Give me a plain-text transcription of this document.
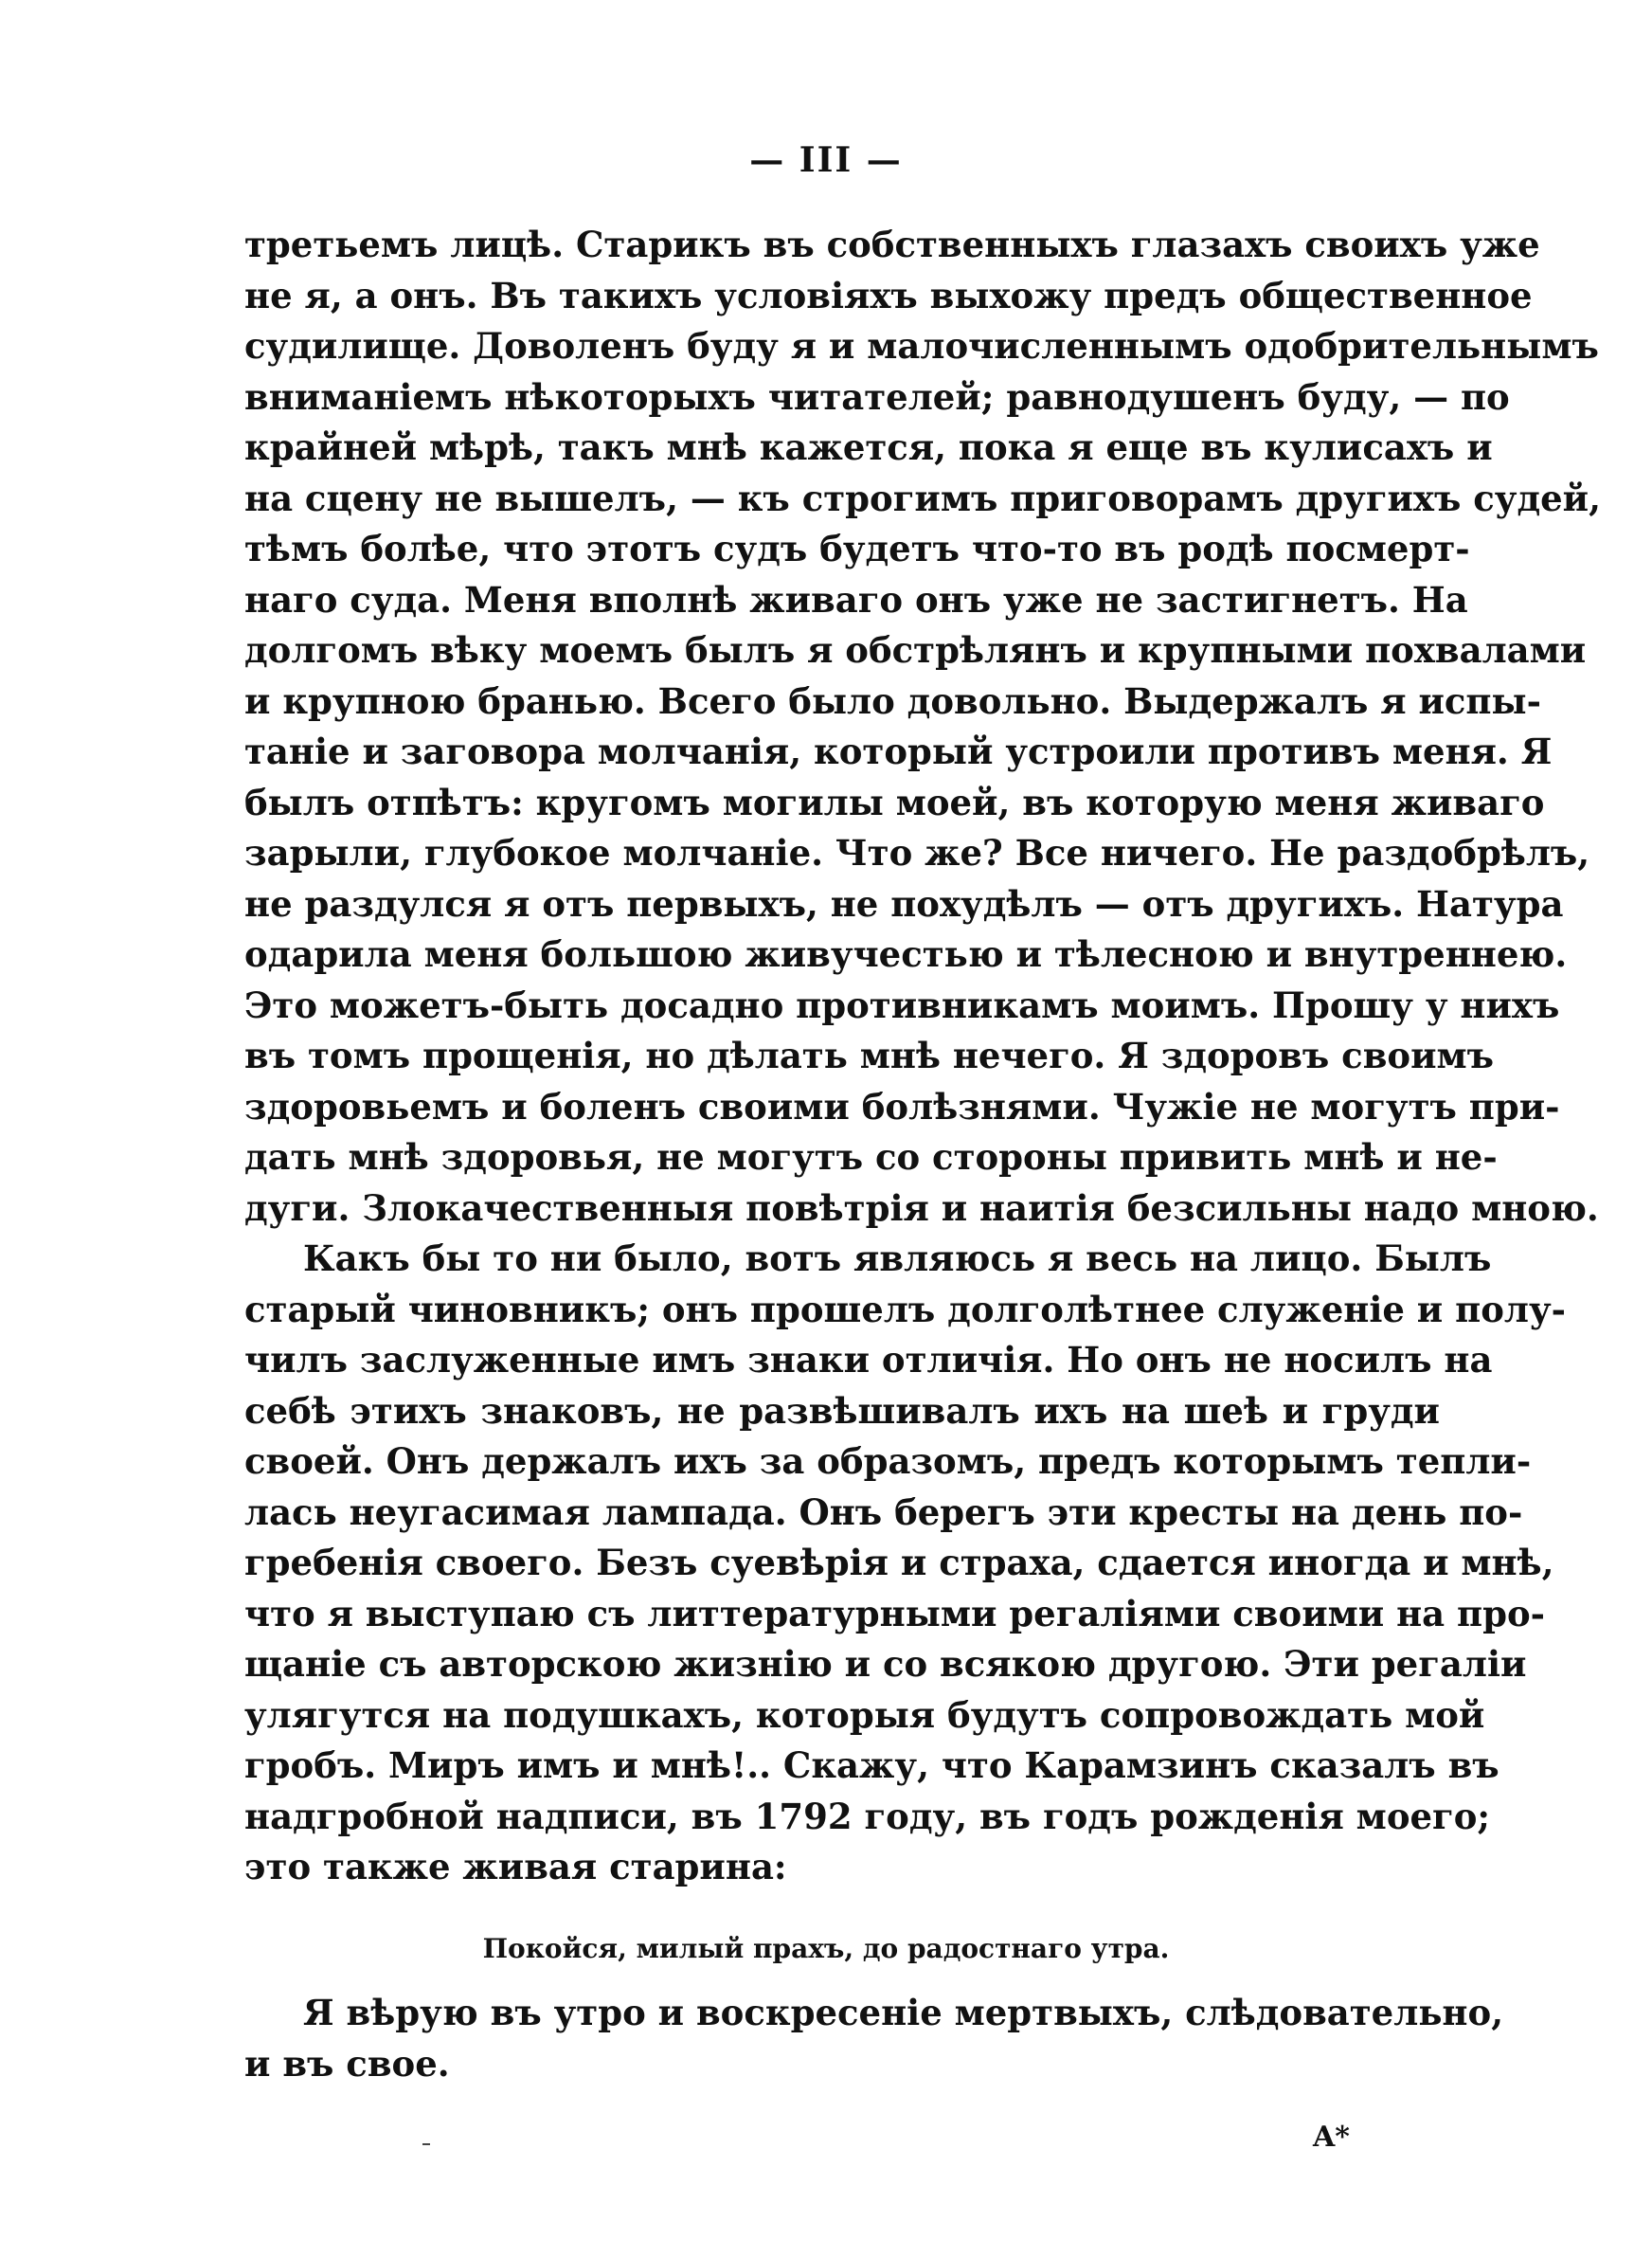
— III —
третьемъ лицѣ. Старикъ въ собственныхъ глазахъ своихъ уже
не я, а онъ. Въ такихъ условіяхъ выхожу предъ общественное
судилище. Доволенъ буду я и малочисленнымъ одобрительнымъ
вниманіемъ нѣкоторыхъ читателей; равнодушенъ буду, — по
крайней мѣрѣ, такъ мнѣ кажется, пока я еще въ кулисахъ и
на сцену не вышелъ, — къ строгимъ приговорамъ другихъ судей,
тѣмъ болѣе, что этотъ судъ будетъ что-то въ родѣ посмерт-
наго суда. Меня вполнѣ живаго онъ уже не застигнетъ. На
долгомъ вѣку моемъ былъ я обстрѣлянъ и крупными похвалами
и крупною бранью. Всего было довольно. Выдержалъ я испы-
таніе и заговора молчанія, который устроили противъ меня. Я
былъ отпѣтъ: кругомъ могилы моей, въ которую меня живаго
зарыли, глубокое молчаніе. Что же? Все ничего. Не раздобрѣлъ,
не раздулся я отъ первыхъ, не похудѣлъ — отъ другихъ. Натура
одарила меня большою живучестью и тѣлесною и внутреннею.
Это можетъ-быть досадно противникамъ моимъ. Прошу у нихъ
въ томъ прощенія, но дѣлать мнѣ нечего. Я здоровъ своимъ
здоровьемъ и боленъ своими болѣзнями. Чужіе не могутъ при-
дать мнѣ здоровья, не могутъ со стороны привить мнѣ и не-
дуги. Злокачественныя повѣтрія и наитія безсильны надо мною.
Какъ бы то ни было, вотъ являюсь я весь на лицо. Былъ
старый чиновникъ; онъ прошелъ долголѣтнее служеніе и полу-
чилъ заслуженные имъ знаки отличія. Но онъ не носилъ на
себѣ этихъ знаковъ, не развѣшивалъ ихъ на шеѣ и груди
своей. Онъ держалъ ихъ за образомъ, предъ которымъ тепли-
лась неугасимая лампада. Онъ берегъ эти кресты на день по-
гребенія своего. Безъ суевѣрія и страха, сдается иногда и мнѣ,
что я выступаю съ литтературными регаліями своими на про-
щаніе съ авторскою жизнію и со всякою другою. Эти регаліи
улягутся на подушкахъ, которыя будутъ сопровождать мой
гробъ. Миръ имъ и мнѣ!.. Скажу, что Карамзинъ сказалъ въ
надгробной надписи, въ 1792 году, въ годъ рожденія моего;
это также живая старина:
Покойся, милый прахъ, до радостнаго утра.
Я вѣрую въ утро и воскресеніе мертвыхъ, слѣдовательно,
и въ свое.
A*
